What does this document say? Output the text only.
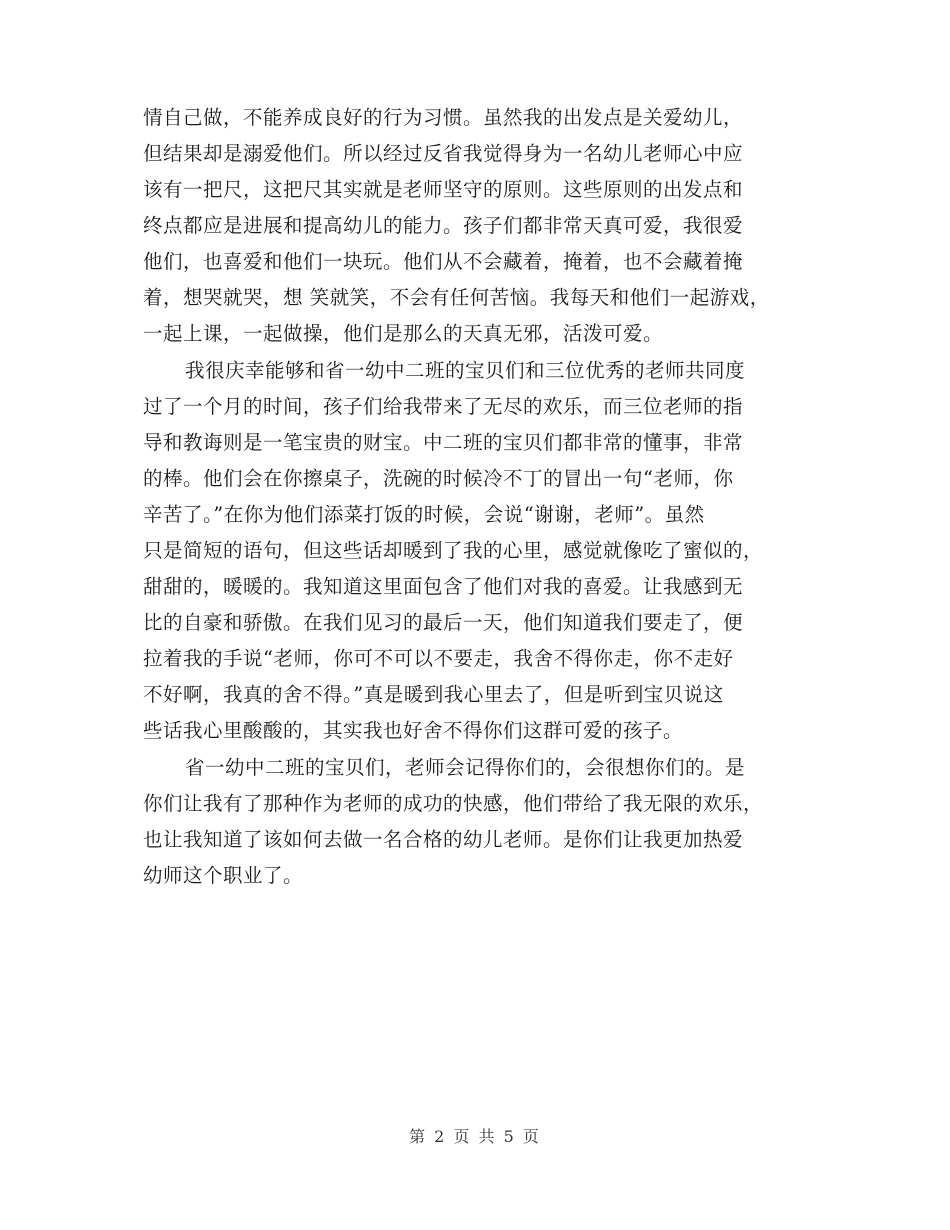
情自己做，不能养成良好的行为习惯。虽然我的出发点是关爱幼儿，
但结果却是溺爱他们。所以经过反省我觉得身为一名幼儿老师心中应
该有一把尺，这把尺其实就是老师坚守的原则。这些原则的出发点和
终点都应是进展和提高幼儿的能力。孩子们都非常天真可爱，我很爱
他们，也喜爱和他们一块玩。他们从不会藏着，掩着，也不会藏着掩
着，想哭就哭，想 笑就笑，不会有任何苦恼。我每天和他们一起游戏，
一起上课，一起做操，他们是那么的天真无邪，活泼可爱。
我很庆幸能够和省一幼中二班的宝贝们和三位优秀的老师共同度
过了一个月的时间，孩子们给我带来了无尽的欢乐，而三位老师的指
导和教诲则是一笔宝贵的财宝。中二班的宝贝们都非常的懂事，非常
的棒。他们会在你擦桌子，洗碗的时候冷不丁的冒出一句“老师，你
辛苦了。”在你为他们添菜打饭的时候，会说“谢谢，老师”。虽然
只是简短的语句，但这些话却暖到了我的心里，感觉就像吃了蜜似的，
甜甜的，暖暖的。我知道这里面包含了他们对我的喜爱。让我感到无
比的自豪和骄傲。在我们见习的最后一天，他们知道我们要走了，便
拉着我的手说“老师，你可不可以不要走，我舍不得你走，你不走好
不好啊，我真的舍不得。”真是暖到我心里去了，但是听到宝贝说这
些话我心里酸酸的，其实我也好舍不得你们这群可爱的孩子。
省一幼中二班的宝贝们，老师会记得你们的，会很想你们的。是
你们让我有了那种作为老师的成功的快感，他们带给了我无限的欢乐，
也让我知道了该如何去做一名合格的幼儿老师。是你们让我更加热爱
幼师这个职业了。
第 2 页 共 5 页
